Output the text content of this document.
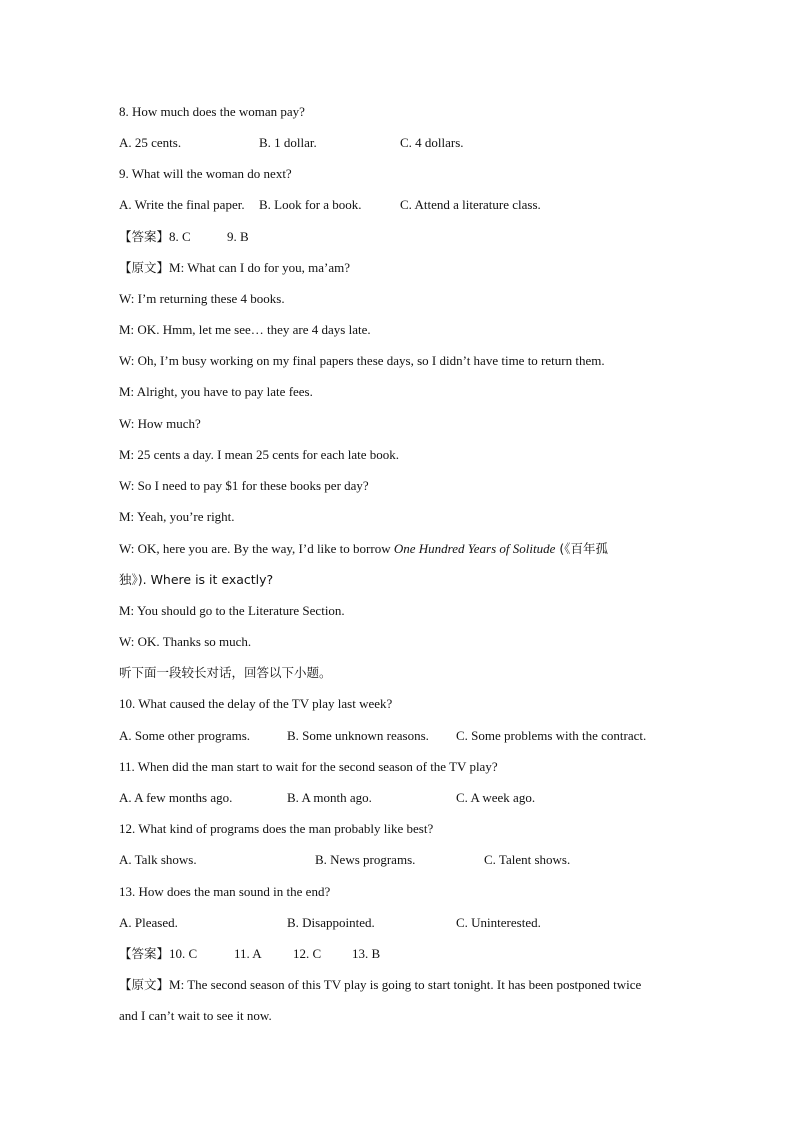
8. How much does the woman pay?
A. 25 cents.	B. 1 dollar.	C. 4 dollars.
9. What will the woman do next?
A. Write the final paper. B. Look for a book.	C. Attend a literature class.
【答案】8. C	9. B
【原文】M: What can I do for you, ma’am?
W: I’m returning these 4 books.
M: OK. Hmm, let me see… they are 4 days late.
W: Oh, I’m busy working on my final papers these days, so I didn’t have time to return them.
M: Alright, you have to pay late fees.
W: How much?
M: 25 cents a day. I mean 25 cents for each late book.
W: So I need to pay $1 for these books per day?
M: Yeah, you’re right.
W: OK, here you are. By the way, I’d like to borrow One Hundred Years of Solitude (《百年孤
独》). Where is it exactly?
M: You should go to the Literature Section.
W: OK. Thanks so much.
听下面一段较长对话，回答以下小题。
10. What caused the delay of the TV play last week?
A. Some other programs.	B. Some unknown reasons. C. Some problems with the contract.
11. When did the man start to wait for the second season of the TV play?
A. A few months ago.	B. A month ago.	C. A week ago.
12. What kind of programs does the man probably like best?
A. Talk shows.	B. News programs.	C. Talent shows.
13. How does the man sound in the end?
A. Pleased.	B. Disappointed.	C. Uninterested.
【答案】10. C	11. A 12. C 13. B
【原文】M: The second season of this TV play is going to start tonight. It has been postponed twice
and I can’t wait to see it now.
